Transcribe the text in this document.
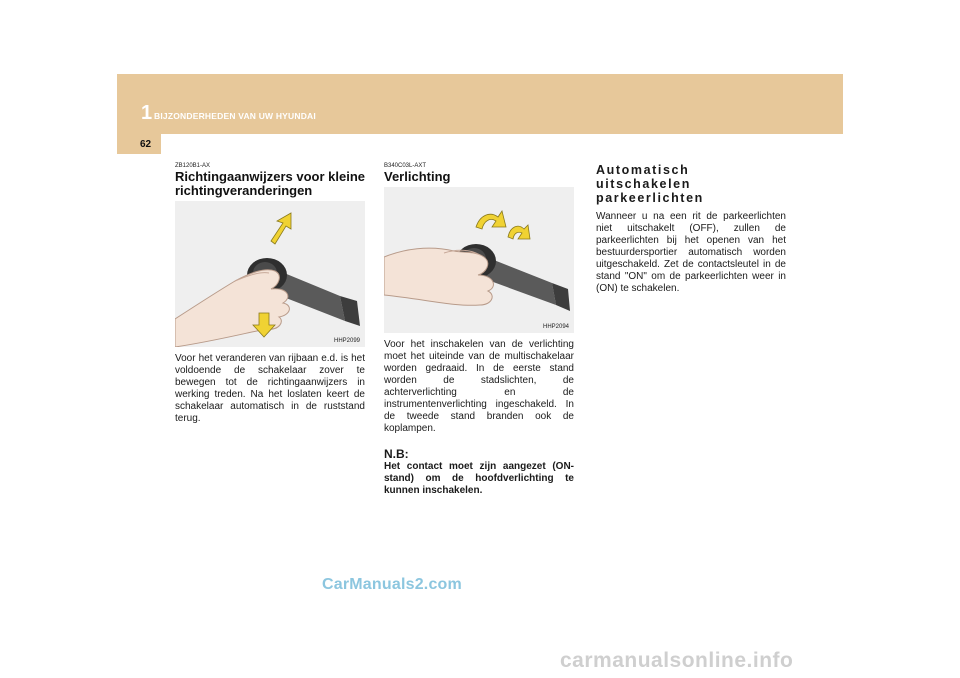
1 BIJZONDERHEDEN VAN UW HYUNDAI
62
ZB120B1-AX
Richtingaanwijzers voor kleine richtingveranderingen
HHP2099
Voor het veranderen van rijbaan e.d. is het voldoende de schakelaar zover te bewegen tot de richtingaanwijzers in werking treden. Na het loslaten keert de schakelaar automatisch in de ruststand terug.
B340C03L-AXT
Verlichting
HHP2094
Voor het inschakelen van de verlichting moet het uiteinde van de multischakelaar worden gedraaid. In de eerste stand worden de stadslichten, de achterverlichting en de instrumentenverlichting ingeschakeld. In de tweede stand branden ook de koplampen.
N.B:
Het contact moet zijn aangezet (ON-stand) om de hoofdverlichting te kunnen inschakelen.
Automatisch uitschakelen parkeerlichten
Wanneer u na een rit de parkeerlichten niet uitschakelt (OFF), zullen de parkeerlichten bij het openen van het bestuurdersportier automatisch worden uitgeschakeld. Zet de contactsleutel in de stand "ON" om de parkeerlichten weer in (ON) te schakelen.
CarManuals2.com
carmanualsonline.info
